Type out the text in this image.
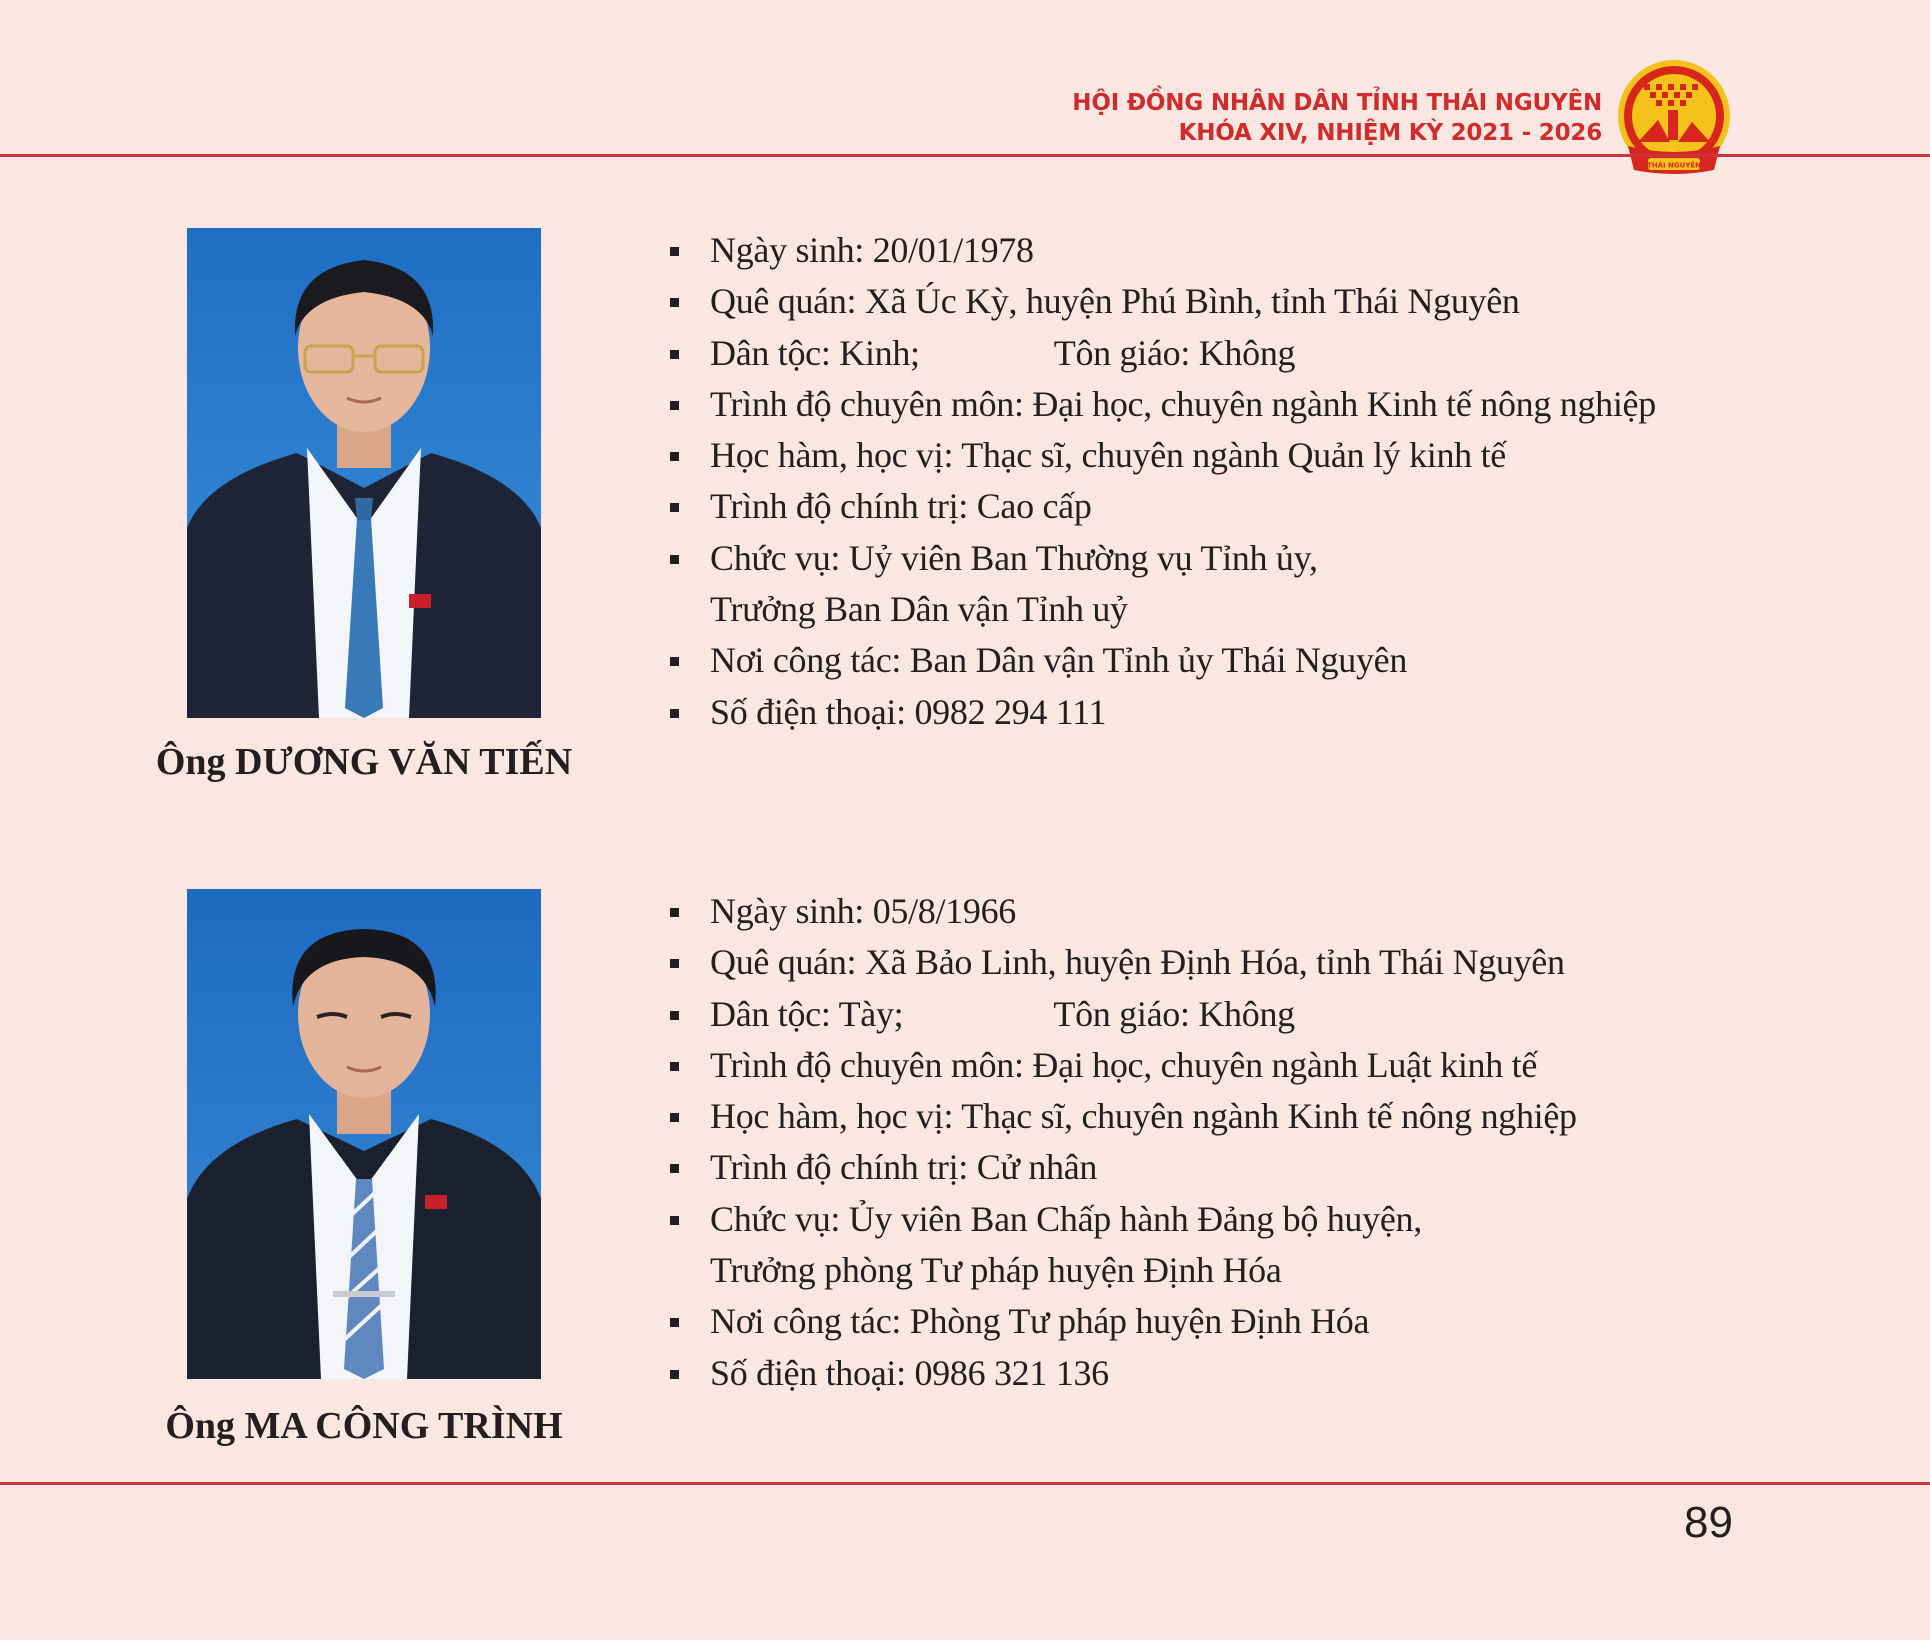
HỘI ĐỒNG NHÂN DÂN TỈNH THÁI NGUYÊN
KHÓA XIV, NHIỆM KỲ 2021 - 2026
THÁI NGUYÊN
Ông DƯƠNG VĂN TIẾN
Ngày sinh: 20/01/1978
Quê quán: Xã Úc Kỳ, huyện Phú Bình, tỉnh Thái Nguyên
Dân tộc: Kinh;	Tôn giáo: Không
Trình độ chuyên môn: Đại học, chuyên ngành Kinh tế nông nghiệp
Học hàm, học vị: Thạc sĩ, chuyên ngành Quản lý kinh tế
Trình độ chính trị: Cao cấp
Chức vụ: Uỷ viên Ban Thường vụ Tỉnh ủy,
Trưởng Ban Dân vận Tỉnh uỷ
Nơi công tác: Ban Dân vận Tỉnh ủy Thái Nguyên
Số điện thoại: 0982 294 111
Ông MA CÔNG TRÌNH
Ngày sinh: 05/8/1966
Quê quán: Xã Bảo Linh, huyện Định Hóa, tỉnh Thái Nguyên
Dân tộc: Tày;	Tôn giáo: Không
Trình độ chuyên môn: Đại học, chuyên ngành Luật kinh tế
Học hàm, học vị: Thạc sĩ, chuyên ngành Kinh tế nông nghiệp
Trình độ chính trị: Cử nhân
Chức vụ: Ủy viên Ban Chấp hành Đảng bộ huyện,
Trưởng phòng Tư pháp huyện Định Hóa
Nơi công tác: Phòng Tư pháp huyện Định Hóa
Số điện thoại: 0986 321 136
89
